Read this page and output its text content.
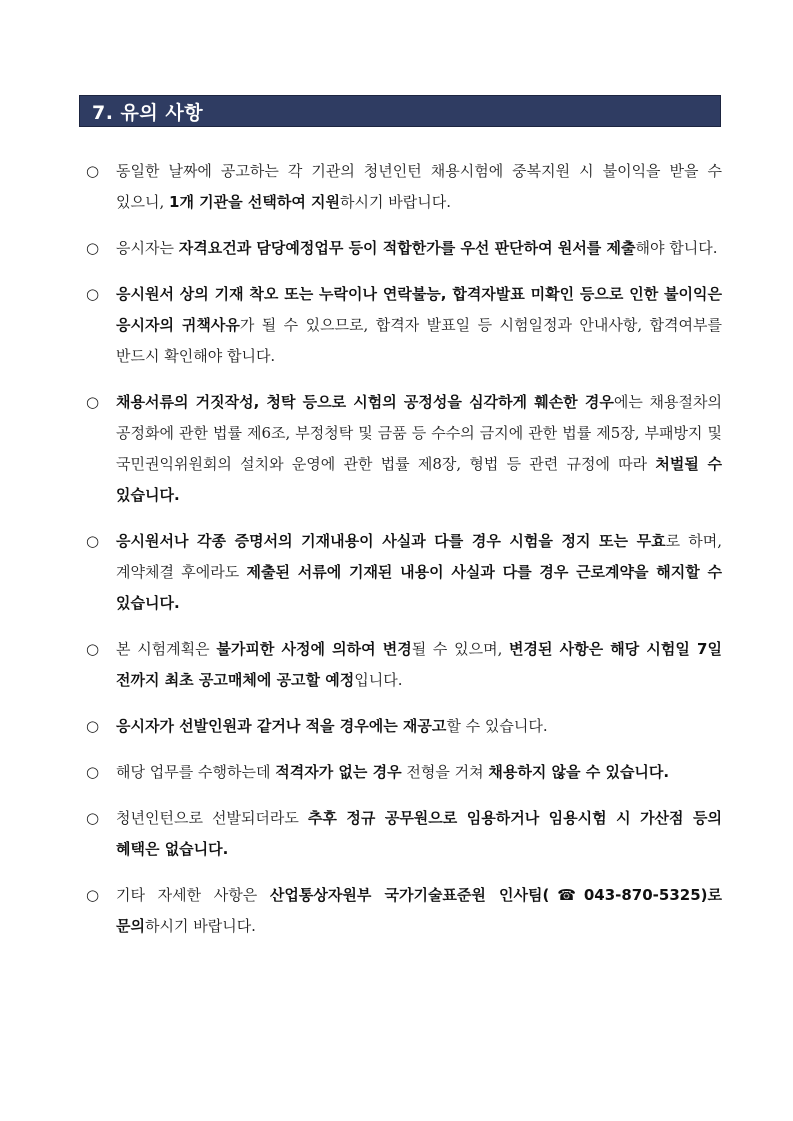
7. 유의 사항
○ 동일한 날짜에 공고하는 각 기관의 청년인턴 채용시험에 중복지원 시 불이익을 받을 수 있으니, 1개 기관을 선택하여 지원하시기 바랍니다.
○ 응시자는 자격요건과 담당예정업무 등이 적합한가를 우선 판단하여 원서를 제출해야 합니다.
○ 응시원서 상의 기재 착오 또는 누락이나 연락불능, 합격자발표 미확인 등으로 인한 불이익은 응시자의 귀책사유가 될 수 있으므로, 합격자 발표일 등 시험일정과 안내사항, 합격여부를 반드시 확인해야 합니다.
○ 채용서류의 거짓작성, 청탁 등으로 시험의 공정성을 심각하게 훼손한 경우에는 채용절차의 공정화에 관한 법률 제6조, 부정청탁 및 금품 등 수수의 금지에 관한 법률 제5장, 부패방지 및 국민권익위원회의 설치와 운영에 관한 법률 제8장, 형법 등 관련 규정에 따라 처벌될 수 있습니다.
○ 응시원서나 각종 증명서의 기재내용이 사실과 다를 경우 시험을 정지 또는 무효로 하며, 계약체결 후에라도 제출된 서류에 기재된 내용이 사실과 다를 경우 근로계약을 해지할 수 있습니다.
○ 본 시험계획은 불가피한 사정에 의하여 변경될 수 있으며, 변경된 사항은 해당 시험일 7일 전까지 최초 공고매체에 공고할 예정입니다.
○ 응시자가 선발인원과 같거나 적을 경우에는 재공고할 수 있습니다.
○ 해당 업무를 수행하는데 적격자가 없는 경우 전형을 거쳐 채용하지 않을 수 있습니다.
○ 청년인턴으로 선발되더라도 추후 정규 공무원으로 임용하거나 임용시험 시 가산점 등의 혜택은 없습니다.
○ 기타 자세한 사항은 산업통상자원부 국가기술표준원 인사팀(☎043-870-5325)로 문의하시기 바랍니다.
